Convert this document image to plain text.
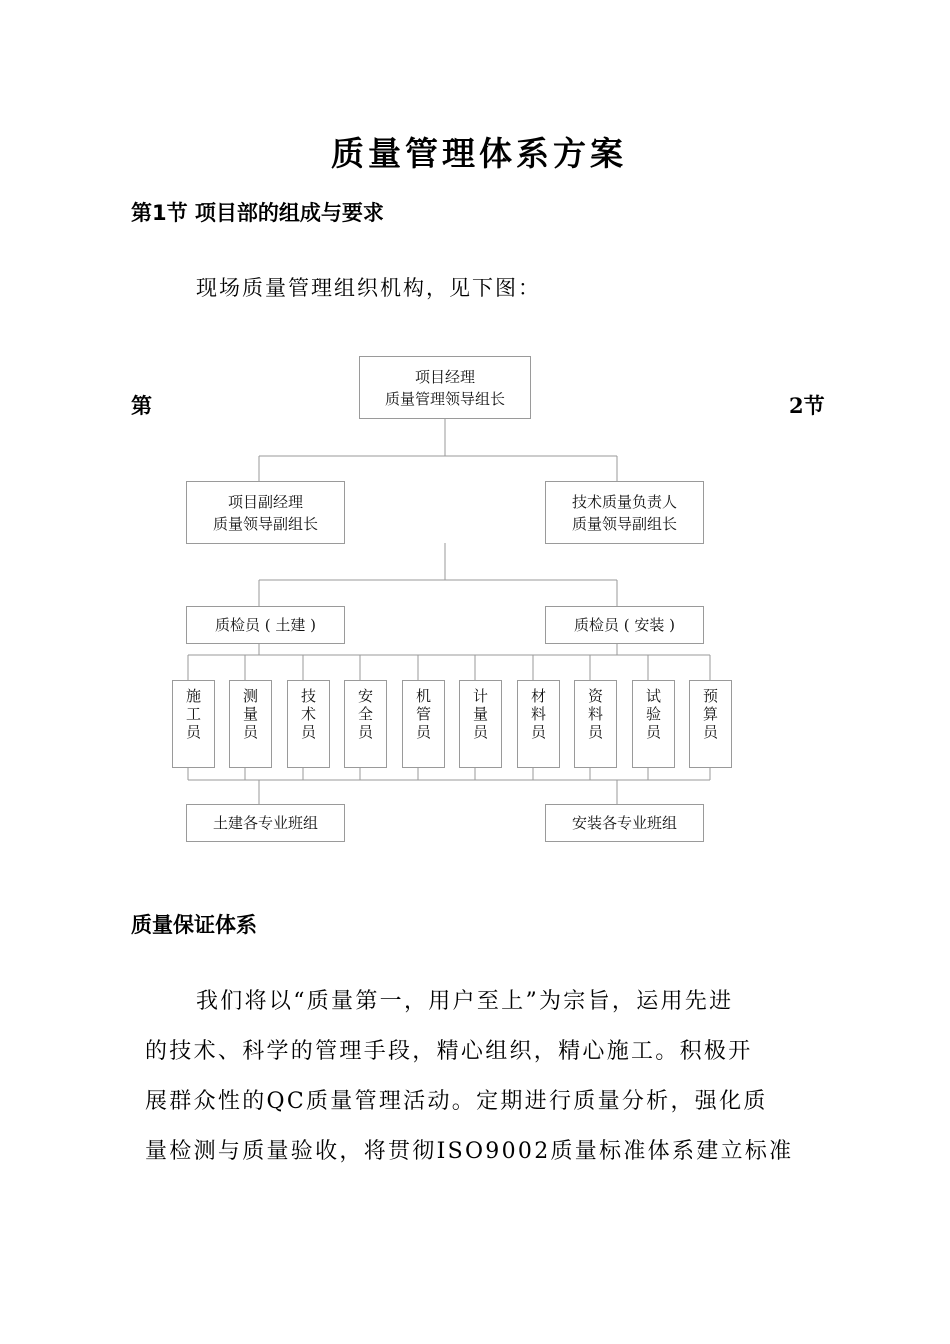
质量管理体系方案
第1节 项目部的组成与要求
现场质量管理组织机构，见下图：
第	2节
项目经理
质量管理领导组长
项目副经理
质量领导副组长
技术质量负责人
质量领导副组长
质检员 ( 土建 )	质检员 ( 安装 )
施工员
测量员
技术员
安全员
机管员
计量员
材料员
资料员
试验员
预算员
土建各专业班组	安装各专业班组
质量保证体系
我们将以“质量第一，用户至上”为宗旨，运用先进
的技术、科学的管理手段，精心组织，精心施工。积极开
展群众性的QC质量管理活动。定期进行质量分析，强化质
量检测与质量验收，将贯彻ISO9002质量标准体系建立标准
